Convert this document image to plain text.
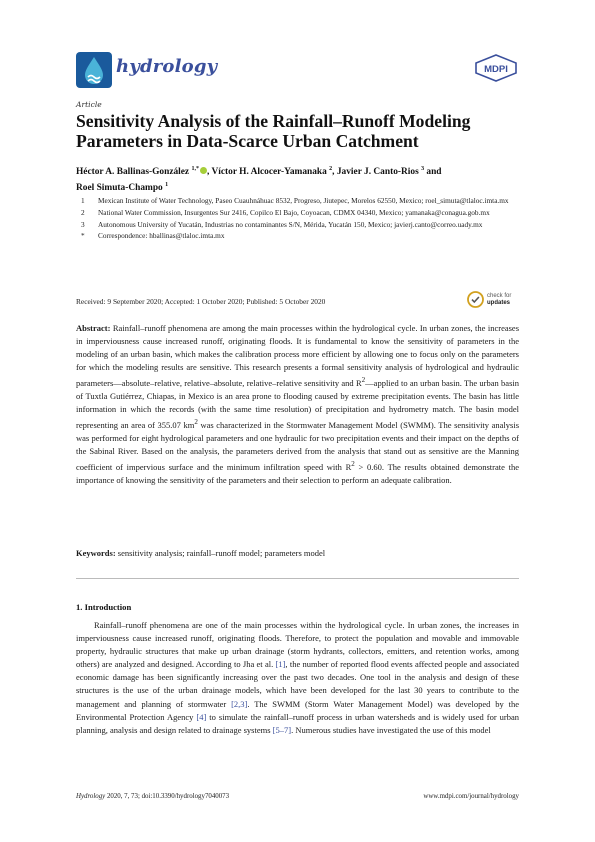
hydrology	MDPI
Article
Sensitivity Analysis of the Rainfall–Runoff Modeling Parameters in Data-Scarce Urban Catchment
Héctor A. Ballinas-González $^{1,*}$ , Víctor H. Alcocer-Yamanaka $^2$, Javier J. Canto-Rios $^3$ and
Roel Simuta-Champo $^1$
1 Mexican Institute of Water Technology, Paseo Cuauhnáhuac 8532, Progreso, Jiutepec, Morelos 62550, Mexico; roel_simuta@tlaloc.imta.mx
2 National Water Commission, Insurgentes Sur 2416, Copilco El Bajo, Coyoacan, CDMX 04340, Mexico; yamanaka@conagua.gob.mx
3 Autonomous University of Yucatán, Industrias no contaminantes S/N, Mérida, Yucatán 150, Mexico; javierj.canto@correo.uady.mx
* Correspondence: hballinas@tlaloc.imta.mx
Received: 9 September 2020; Accepted: 1 October 2020; Published: 5 October 2020
check for
updates
Abstract: Rainfall–runoff phenomena are among the main processes within the hydrological cycle. In urban zones, the increases in imperviousness cause increased runoff, originating floods. It is fundamental to know the sensitivity of parameters in the modeling of an urban basin, which makes the calibration process more efficient by allowing one to focus only on the parameters for which the modeling results are sensitive. This research presents a formal sensitivity analysis of hydrological and hydraulic parameters—absolute–relative, relative–absolute, relative–relative sensitivity and $R^2—applied$ to an urban basin. The urban basin of Tuxtla Gutiérrez, Chiapas, in Mexico is an area prone to flooding caused by extreme precipitation events. The basin has little information in which the records (with the same time resolution) of precipitation and hydrometry match. The basin model representing an area of 355.07 $km^2$ was characterized in the Stormwater Management Model (SWMM). The sensitivity analysis was performed for eight hydrological parameters and one hydraulic for two precipitation events and their impact on the depths of the Sabinal River. Based on the analysis, the parameters derived from the analysis that stand out as sensitive are the Manning coefficient of impervious surface and the minimum infiltration speed with $R^2 > 0.60$. The results obtained demonstrate the importance of knowing the sensitivity of the parameters and their selection to perform an adequate calibration.
Keywords: sensitivity analysis; rainfall–runoff model; parameters model
1. Introduction
Rainfall–runoff phenomena are one of the main processes within the hydrological cycle. In urban zones, the increases in imperviousness cause increased runoff, originating floods. Therefore, to protect the population and movable and immovable property, hydraulic structures that make up urban drainage (storm hydrants, collectors, emitters, and retention works, among others) are analyzed and designed. According to Jha et al. [1], the number of reported flood events affected people and associated economic damage has been significantly increasing over the past two decades. One tool in the analysis and design of these structures is the use of the urban drainage models, which have been developed for the last 30 years to contribute to the management and planning of stormwater [2,3]. The SWMM (Storm Water Management Model) was developed by the Environmental Protection Agency [4] to simulate the rainfall–runoff process in urban watersheds and is widely used for urban planning, analysis and design related to drainage systems [5–7]. Numerous studies have investigated the use of this model
Hydrology 2020, 7, 73; doi:10.3390/hydrology7040073	www.mdpi.com/journal/hydrology
